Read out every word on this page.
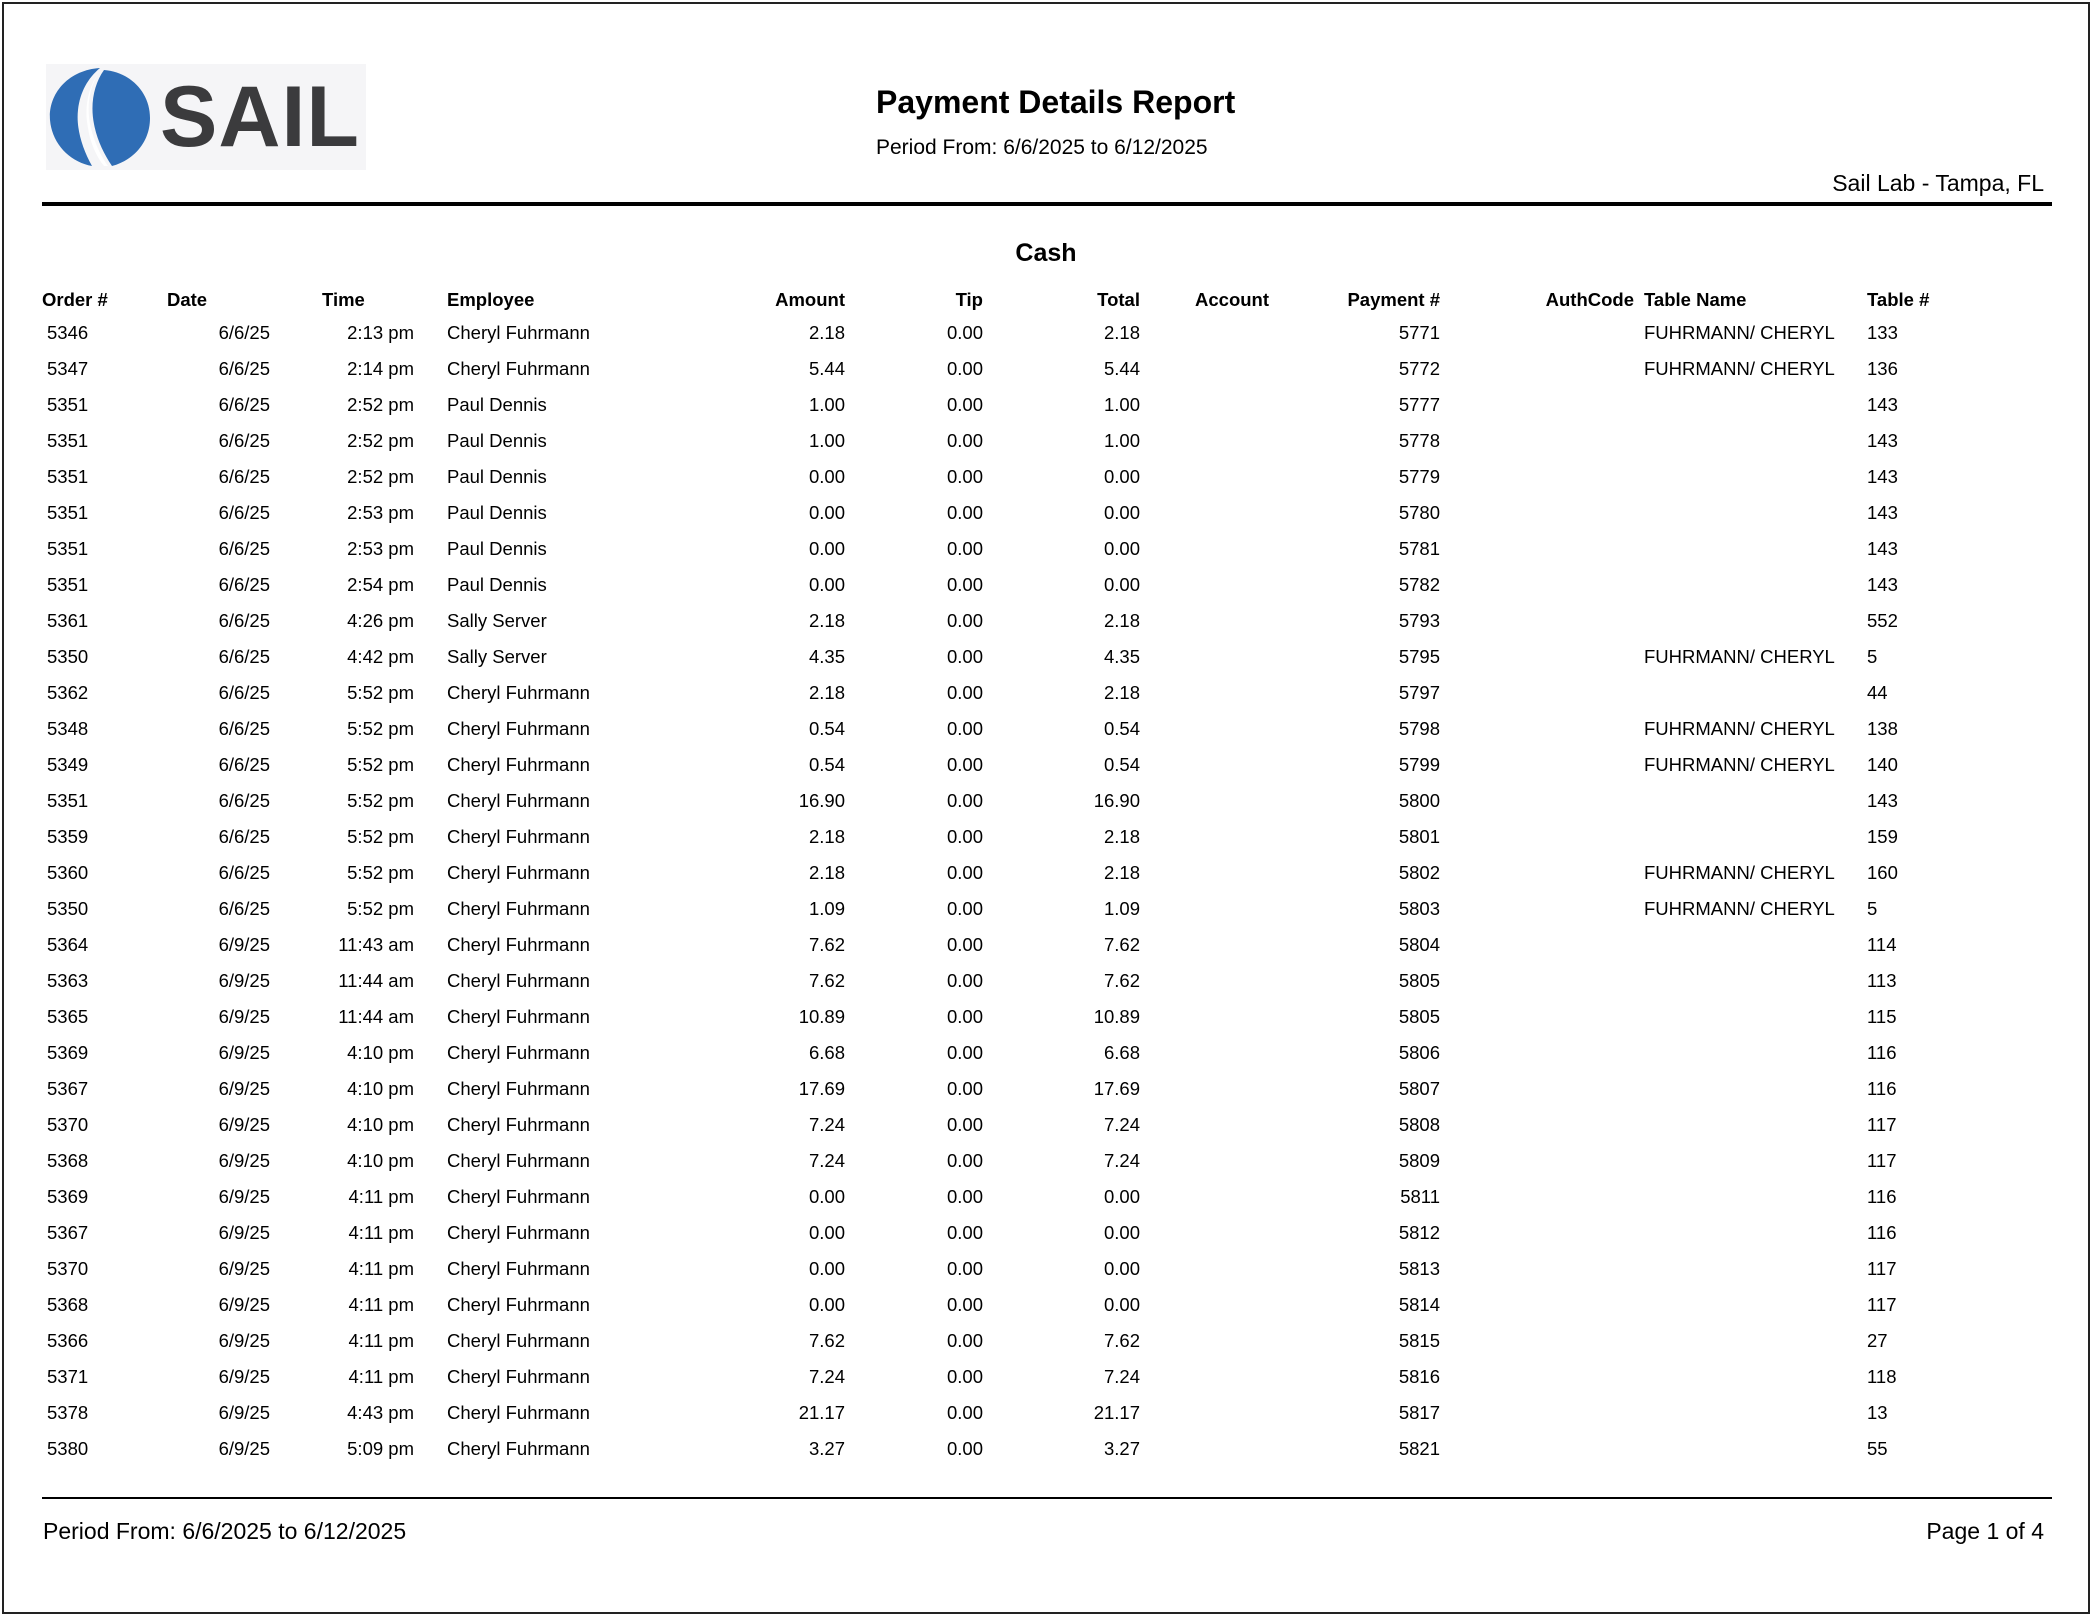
SAIL	Payment Details Report
Period From: 6/6/2025 to 6/12/2025
Sail Lab - Tampa, FL
Cash
Order #	Date	Time	Employee	Amount	Tip	Total	Account	Payment #	AuthCode	Table Name	Table #
5346	6/6/25	2:13 pm	Cheryl Fuhrmann	2.18	0.00	2.18		5771		FUHRMANN/ CHERYL	133
5347	6/6/25	2:14 pm	Cheryl Fuhrmann	5.44	0.00	5.44		5772		FUHRMANN/ CHERYL	136
5351	6/6/25	2:52 pm	Paul Dennis	1.00	0.00	1.00		5777			143
5351	6/6/25	2:52 pm	Paul Dennis	1.00	0.00	1.00		5778			143
5351	6/6/25	2:52 pm	Paul Dennis	0.00	0.00	0.00		5779			143
5351	6/6/25	2:53 pm	Paul Dennis	0.00	0.00	0.00		5780			143
5351	6/6/25	2:53 pm	Paul Dennis	0.00	0.00	0.00		5781			143
5351	6/6/25	2:54 pm	Paul Dennis	0.00	0.00	0.00		5782			143
5361	6/6/25	4:26 pm	Sally Server	2.18	0.00	2.18		5793			552
5350	6/6/25	4:42 pm	Sally Server	4.35	0.00	4.35		5795		FUHRMANN/ CHERYL	5
5362	6/6/25	5:52 pm	Cheryl Fuhrmann	2.18	0.00	2.18		5797			44
5348	6/6/25	5:52 pm	Cheryl Fuhrmann	0.54	0.00	0.54		5798		FUHRMANN/ CHERYL	138
5349	6/6/25	5:52 pm	Cheryl Fuhrmann	0.54	0.00	0.54		5799		FUHRMANN/ CHERYL	140
5351	6/6/25	5:52 pm	Cheryl Fuhrmann	16.90	0.00	16.90		5800			143
5359	6/6/25	5:52 pm	Cheryl Fuhrmann	2.18	0.00	2.18		5801			159
5360	6/6/25	5:52 pm	Cheryl Fuhrmann	2.18	0.00	2.18		5802		FUHRMANN/ CHERYL	160
5350	6/6/25	5:52 pm	Cheryl Fuhrmann	1.09	0.00	1.09		5803		FUHRMANN/ CHERYL	5
5364	6/9/25	11:43 am	Cheryl Fuhrmann	7.62	0.00	7.62		5804			114
5363	6/9/25	11:44 am	Cheryl Fuhrmann	7.62	0.00	7.62		5805			113
5365	6/9/25	11:44 am	Cheryl Fuhrmann	10.89	0.00	10.89		5805			115
5369	6/9/25	4:10 pm	Cheryl Fuhrmann	6.68	0.00	6.68		5806			116
5367	6/9/25	4:10 pm	Cheryl Fuhrmann	17.69	0.00	17.69		5807			116
5370	6/9/25	4:10 pm	Cheryl Fuhrmann	7.24	0.00	7.24		5808			117
5368	6/9/25	4:10 pm	Cheryl Fuhrmann	7.24	0.00	7.24		5809			117
5369	6/9/25	4:11 pm	Cheryl Fuhrmann	0.00	0.00	0.00		5811			116
5367	6/9/25	4:11 pm	Cheryl Fuhrmann	0.00	0.00	0.00		5812			116
5370	6/9/25	4:11 pm	Cheryl Fuhrmann	0.00	0.00	0.00		5813			117
5368	6/9/25	4:11 pm	Cheryl Fuhrmann	0.00	0.00	0.00		5814			117
5366	6/9/25	4:11 pm	Cheryl Fuhrmann	7.62	0.00	7.62		5815			27
5371	6/9/25	4:11 pm	Cheryl Fuhrmann	7.24	0.00	7.24		5816			118
5378	6/9/25	4:43 pm	Cheryl Fuhrmann	21.17	0.00	21.17		5817			13
5380	6/9/25	5:09 pm	Cheryl Fuhrmann	3.27	0.00	3.27		5821			55
Period From: 6/6/2025 to 6/12/2025	Page 1 of 4
